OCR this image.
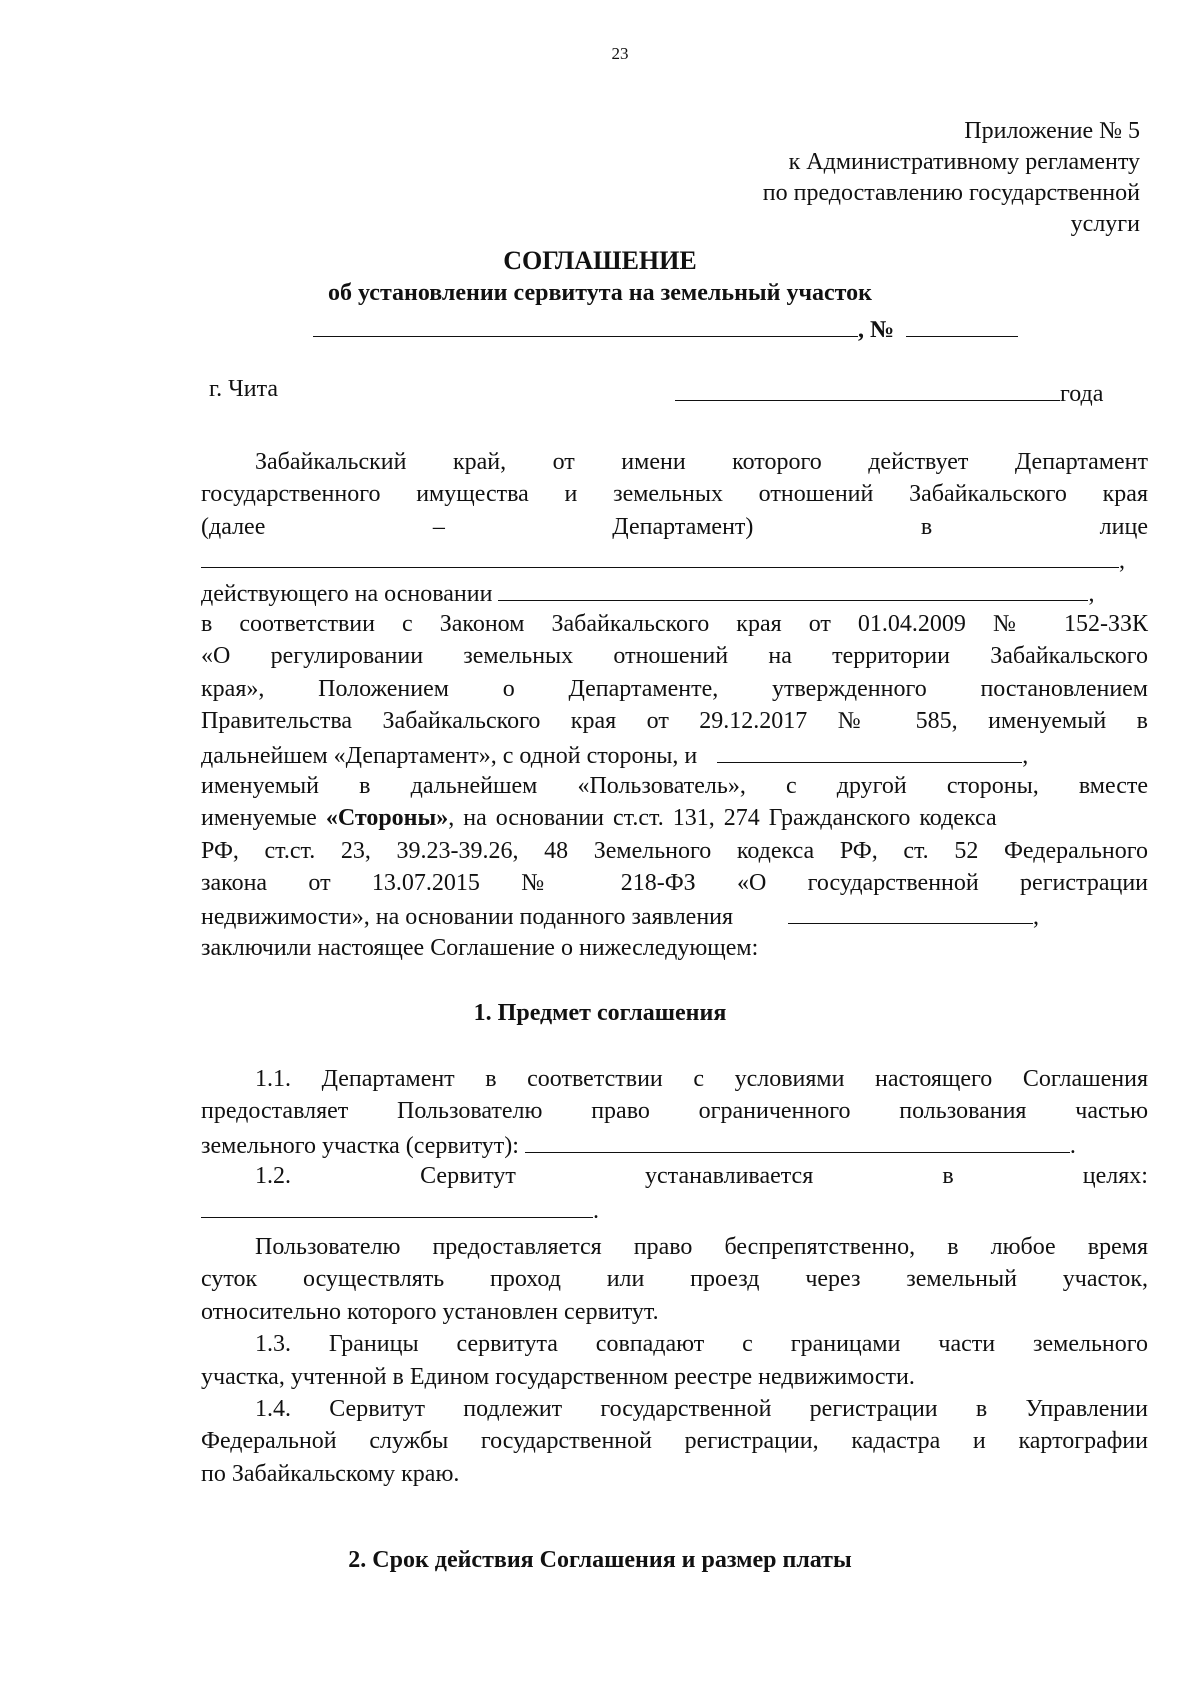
23
Приложение № 5
к Административному регламенту
по предоставлению государственной
услуги
СОГЛАШЕНИЕ
об установлении сервитута на земельный участок
, №
г. Чита	года
Забайкальский край, от имени которого действует Департамент
государственного имущества и земельных отношений Забайкальского края
(далее	–	Департамент)	в	лице
,
действующего на основании	,
в соответствии с Законом Забайкальского края от 01.04.2009 № 152-ЗЗК
«О регулировании земельных отношений на территории Забайкальского
края», Положением о Департаменте, утвержденного постановлением
Правительства Забайкальского края от 29.12.2017 № 585, именуемый в
дальнейшем «Департамент», с одной стороны, и	,
именуемый в дальнейшем «Пользователь», с другой стороны, вместе
именуемые «Стороны», на основании ст.ст. 131, 274 Гражданского кодекса
РФ, ст.ст. 23, 39.23-39.26, 48 Земельного кодекса РФ, ст. 52 Федерального
закона от 13.07.2015 № 218-ФЗ «О государственной регистрации
недвижимости», на основании поданного заявления	,
заключили настоящее Соглашение о нижеследующем:
1. Предмет соглашения
1.1. Департамент в соответствии с условиями настоящего Соглашения
предоставляет Пользователю право ограниченного пользования частью
земельного участка (сервитут):	.
1.2.	Сервитут	устанавливается	в	целях:
.
Пользователю предоставляется право беспрепятственно, в любое время
суток осуществлять проход или проезд через земельный участок,
относительно которого установлен сервитут.
1.3. Границы сервитута совпадают с границами части земельного
участка, учтенной в Едином государственном реестре недвижимости.
1.4. Сервитут подлежит государственной регистрации в Управлении
Федеральной службы государственной регистрации, кадастра и картографии
по Забайкальскому краю.
2. Срок действия Соглашения и размер платы
